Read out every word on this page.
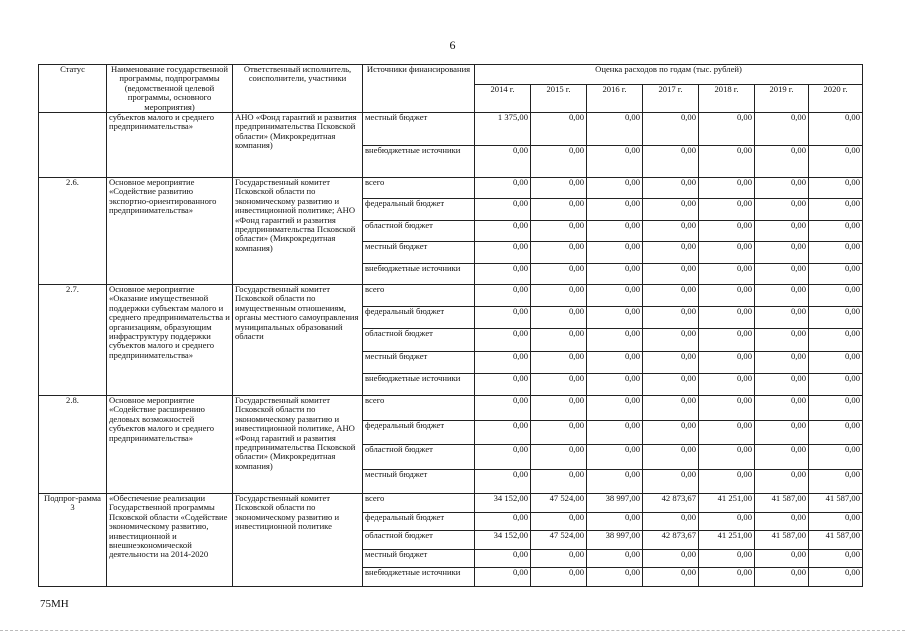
6
Статус	Наименование государственной программы, подпрограммы (ведомственной целевой программы, основного мероприятия)	Ответственный исполнитель, соисполнители, участники	Источники финансирования	Оценка расходов по годам (тыс. рублей)						
				2014 г.	2015 г.	2016 г.	2017 г.	2018 г.	2019 г.	2020 г.
	субъектов малого и среднего предпринимательства»	АНО «Фонд гарантий и развития предпринимательства Псковской области» (Микрокредитная компания)	местный бюджет	1 375,00	0,00	0,00	0,00	0,00	0,00	0,00
			внебюджетные источники	0,00	0,00	0,00	0,00	0,00	0,00	0,00
2.6.	Основное мероприятие «Содействие развитию экспортно-ориентированного предпринимательства»	Государственный комитет Псковской области по экономическому развитию и инвестиционной политике; АНО «Фонд гарантий и развития предпринимательства Псковской области» (Микрокредитная компания)	всего	0,00	0,00	0,00	0,00	0,00	0,00	0,00
			федеральный бюджет	0,00	0,00	0,00	0,00	0,00	0,00	0,00
			областной бюджет	0,00	0,00	0,00	0,00	0,00	0,00	0,00
			местный бюджет	0,00	0,00	0,00	0,00	0,00	0,00	0,00
			внебюджетные источники	0,00	0,00	0,00	0,00	0,00	0,00	0,00
2.7.	Основное мероприятие «Оказание имущественной поддержки субъектам малого и среднего предпринимательства и организациям, образующим инфраструктуру поддержки субъектов малого и среднего предпринимательства»	Государственный комитет Псковской области по имущественным отношениям, органы местного самоуправления муниципальных образований области	всего	0,00	0,00	0,00	0,00	0,00	0,00	0,00
			федеральный бюджет	0,00	0,00	0,00	0,00	0,00	0,00	0,00
			областной бюджет	0,00	0,00	0,00	0,00	0,00	0,00	0,00
			местный бюджет	0,00	0,00	0,00	0,00	0,00	0,00	0,00
			внебюджетные источники	0,00	0,00	0,00	0,00	0,00	0,00	0,00
2.8.	Основное мероприятие «Содействие расширению деловых возможностей субъектов малого и среднего предпринимательства»	Государственный комитет Псковской области по экономическому развитию и инвестиционной политике, АНО «Фонд гарантий и развития предпринимательства Псковской области» (Микрокредитная компания)	всего	0,00	0,00	0,00	0,00	0,00	0,00	0,00
			федеральный бюджет	0,00	0,00	0,00	0,00	0,00	0,00	0,00
			областной бюджет	0,00	0,00	0,00	0,00	0,00	0,00	0,00
			местный бюджет	0,00	0,00	0,00	0,00	0,00	0,00	0,00
Подпрог-рамма 3	«Обеспечение реализации Государственной программы Псковской области «Содействие экономическому развитию, инвестиционной и внешнеэкономической деятельности на 2014-2020	Государственный комитет Псковской области по экономическому развитию и инвестиционной политике	всего	34 152,00	47 524,00	38 997,00	42 873,67	41 251,00	41 587,00	41 587,00
			федеральный бюджет	0,00	0,00	0,00	0,00	0,00	0,00	0,00
			областной бюджет	34 152,00	47 524,00	38 997,00	42 873,67	41 251,00	41 587,00	41 587,00
			местный бюджет	0,00	0,00	0,00	0,00	0,00	0,00	0,00
			внебюджетные источники	0,00	0,00	0,00	0,00	0,00	0,00	0,00
75МН
